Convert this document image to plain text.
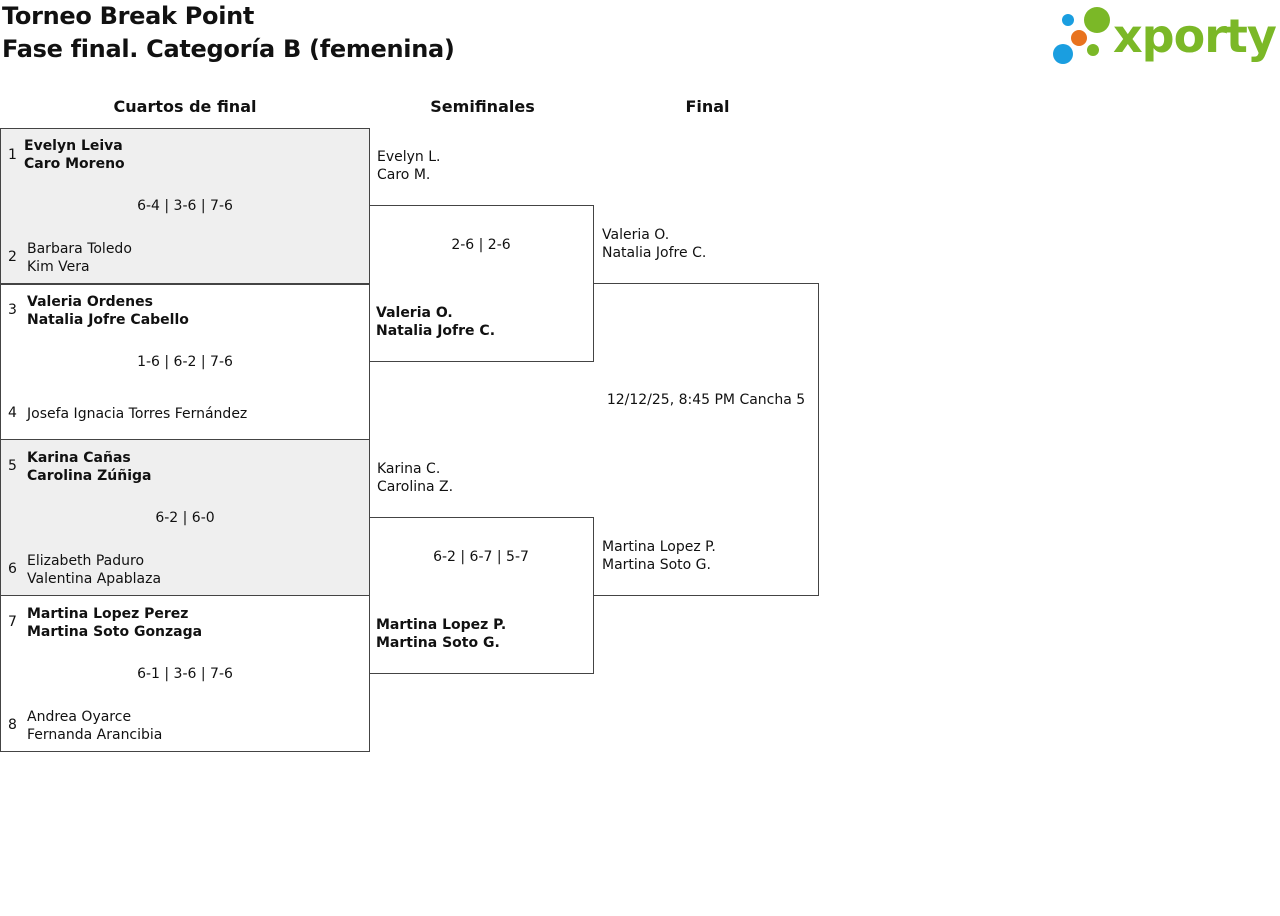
Torneo Break Point
Fase final. Categoría B (femenina)	xporty
Cuartos de final	Semifinales	Final
1
Evelyn Leiva
Caro Moreno
6-4 | 3-6 | 7-6
2 Barbara Toledo
Kim Vera
3 Valeria Ordenes
Natalia Jofre Cabello
1-6 | 6-2 | 7-6
4 Josefa Ignacia Torres Fernández
5 Karina Cañas
Carolina Zúñiga
6-2 | 6-0
6 Elizabeth Paduro
Valentina Apablaza
7 Martina Lopez Perez
Martina Soto Gonzaga
6-1 | 3-6 | 7-6
8 Andrea Oyarce
Fernanda Arancibia
Evelyn L.
Caro M.
2-6 | 2-6
Valeria O.
Natalia Jofre C.
Karina C.
Carolina Z.
6-2 | 6-7 | 5-7
Martina Lopez P.
Martina Soto G.
Valeria O.
Natalia Jofre C.
12/12/25, 8:45 PM Cancha 5
Martina Lopez P.
Martina Soto G.
